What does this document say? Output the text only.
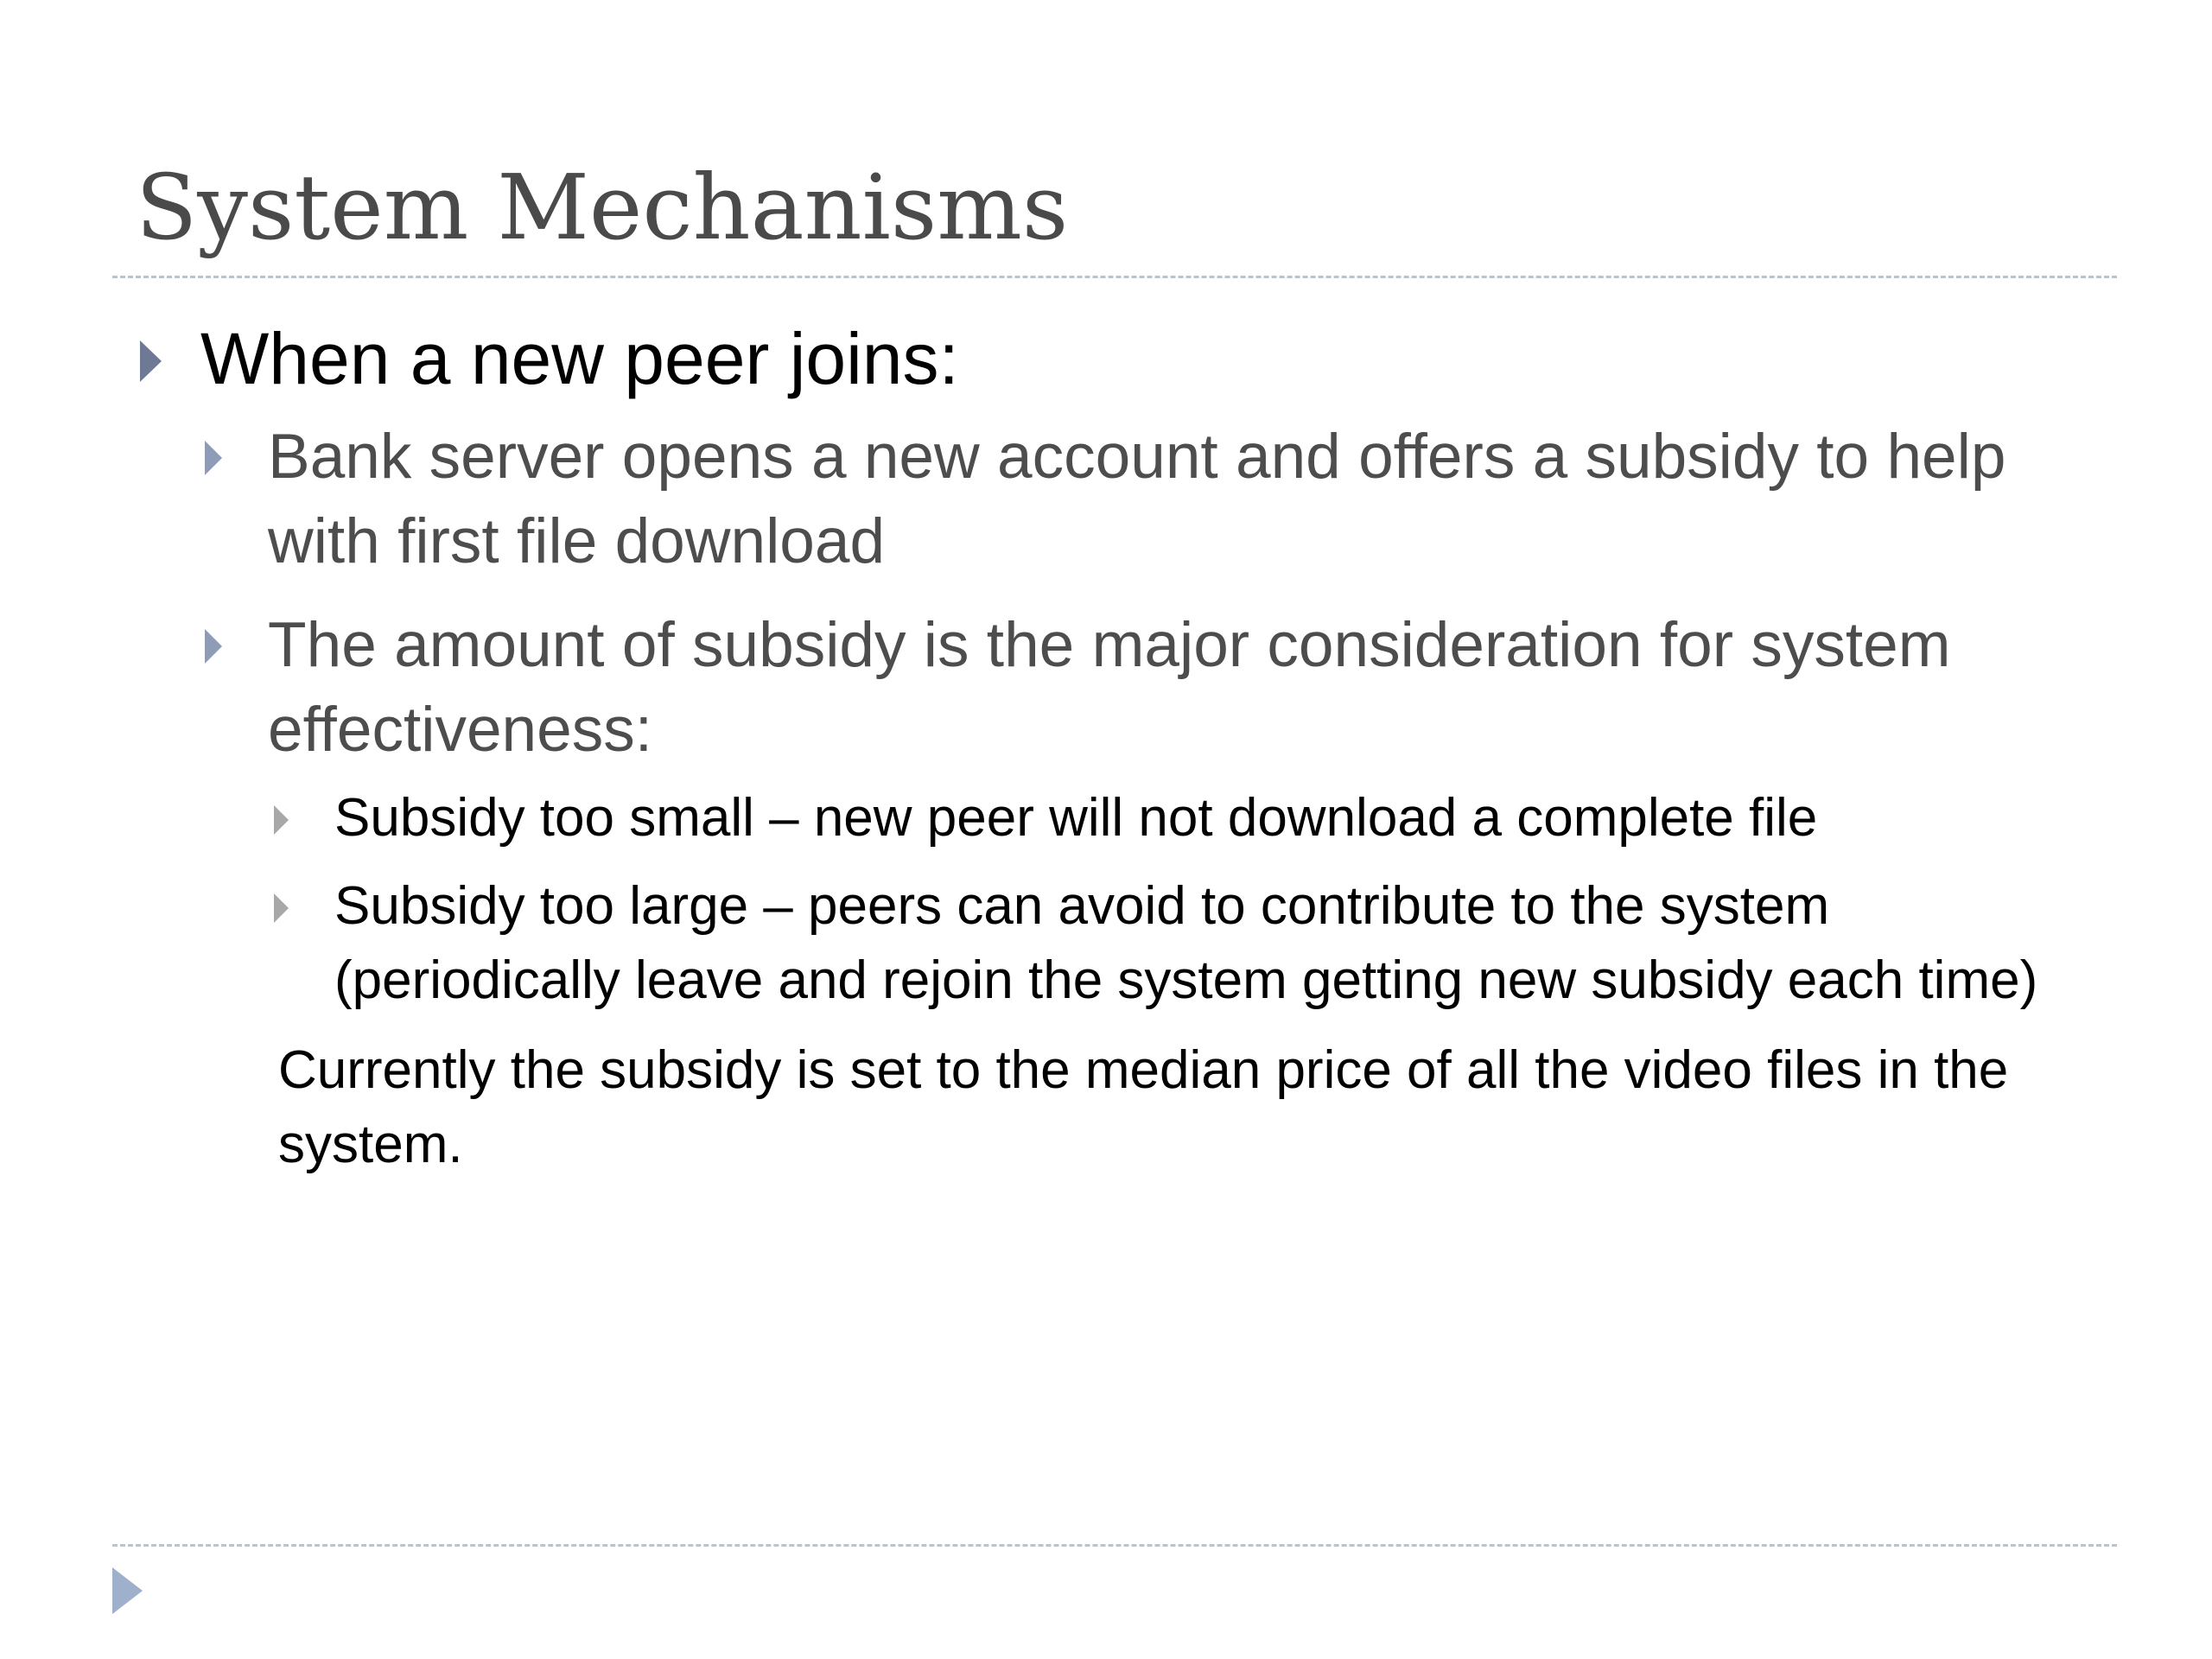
System Mechanisms
When a new peer joins:
Bank server opens a new account and offers a subsidy to help with first file download
The amount of subsidy is the major consideration for system effectiveness:
Subsidy too small – new peer will not download a complete file
Subsidy too large – peers can avoid to contribute to the system (periodically leave and rejoin the system getting new subsidy each time)
Currently the subsidy is set to the median price of all the video files in the system.
